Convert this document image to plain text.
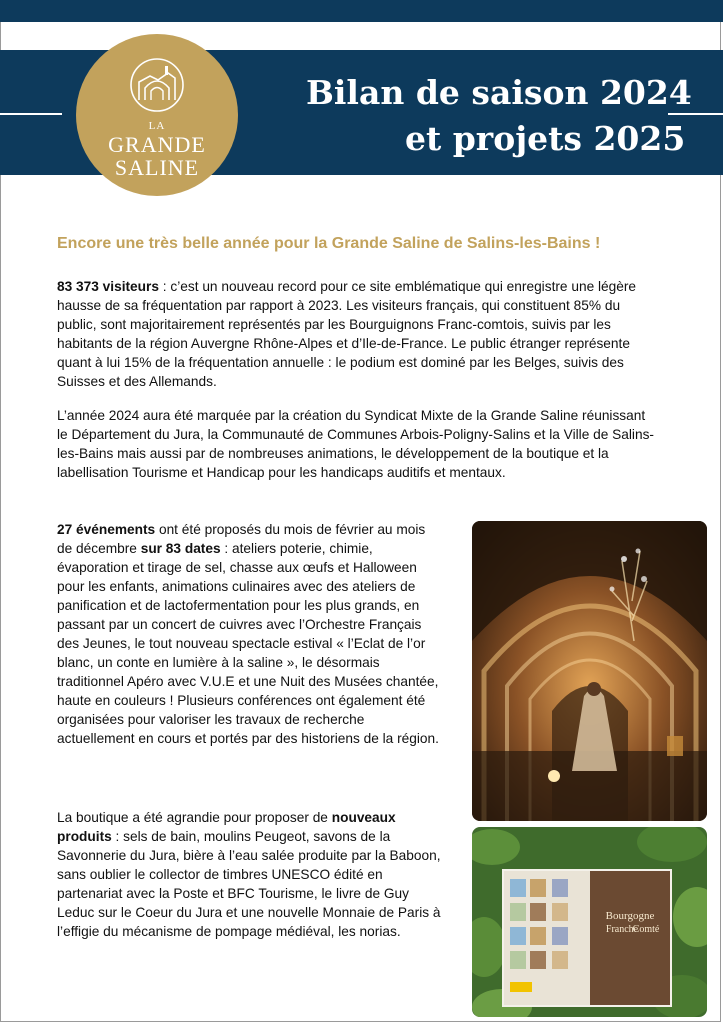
Bilan de saison 2024
et projets 2025
LA
GRANDE
SALINE
Encore une très belle année pour la Grande Saline de Salins-les-Bains !

83 373 visiteurs : c’est un nouveau record pour ce site emblématique qui enregistre une légère hausse de sa fréquentation par rapport à 2023. Les visiteurs français, qui constituent 85% du public, sont majoritairement représentés par les Bourguignons Franc-comtois, suivis par les habitants de la région Auvergne Rhône-Alpes et d’Ile-de-France. Le public étranger représente quant à lui 15% de la fréquentation annuelle : le podium est dominé par les Belges, suivis des Suisses et des Allemands.

L’année 2024 aura été marquée par la création du Syndicat Mixte de la Grande Saline réunissant le Département du Jura, la Communauté de Communes Arbois-Poligny-Salins et la Ville de Salins-les-Bains mais aussi par de nombreuses animations, le développement de la boutique et la labellisation Tourisme et Handicap pour les handicaps auditifs et mentaux.

27 événements ont été proposés du mois de février au mois de décembre sur 83 dates : ateliers poterie, chimie, évaporation et tirage de sel, chasse aux œufs et Halloween pour les enfants, animations culinaires avec des ateliers de panification et de lactofermentation pour les plus grands, en passant par un concert de cuivres avec l’Orchestre Français des Jeunes, le tout nouveau spectacle estival « l’Eclat de l’or blanc, un conte en lumière à la saline », le désormais traditionnel Apéro avec V.U.E et une Nuit des Musées chantée, haute en couleurs ! Plusieurs conférences ont également été organisées pour valoriser les travaux de recherche actuellement en cours et portés par des historiens de la région.

La boutique a été agrandie pour proposer de nouveaux produits : sels de bain, moulins Peugeot, savons de la Savonnerie du Jura, bière à l’eau salée produite par la Baboon, sans oublier le collector de timbres UNESCO édité en partenariat avec la Poste et BFC Tourisme, le livre de Guy Leduc sur le Coeur du Jura et une nouvelle Monnaie de Paris à l’effigie du mécanisme de pompage médiéval, les norias.

Bourgogne
Franche
Comté
